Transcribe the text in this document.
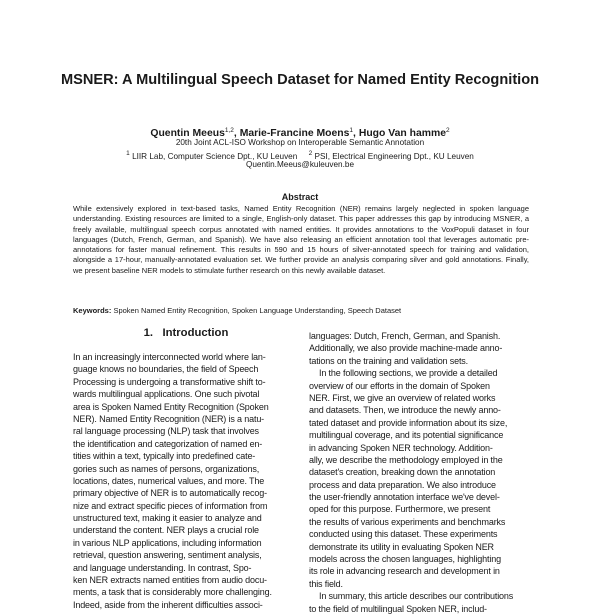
MSNER: A Multilingual Speech Dataset for Named Entity Recognition
Quentin Meeus$^{1,2}$, Marie-Francine Moens$^1$, Hugo Van hamme$^2$
20th Joint ACL-ISO Workshop on Interoperable Semantic Annotation
$^1$ LIIR Lab, Computer Science Dpt., KU Leuven $^2$ PSI, Electrical Engineering Dpt., KU Leuven
Quentin.Meeus@kuleuven.be
Abstract

While extensively explored in text-based tasks, Named Entity Recognition (NER) remains largely neglected in spoken language understanding. Existing resources are limited to a single, English-only dataset. This paper addresses this gap by introducing MSNER, a freely available, multilingual speech corpus annotated with named entities. It provides annotations to the VoxPopuli dataset in four languages (Dutch, French, German, and Spanish). We have also releasing an efficient annotation tool that leverages automatic pre-annotations for faster manual refinement. This results in 590 and 15 hours of silver-annotated speech for training and validation, alongside a 17-hour, manually-annotated evaluation set. We further provide an analysis comparing silver and gold annotations. Finally, we present baseline NER models to stimulate further research on this newly available dataset.

Keywords: Spoken Named Entity Recognition, Spoken Language Understanding, Speech Dataset
1. Introduction
In an increasingly interconnected world where lan-
guage knows no boundaries, the field of Speech
Processing is undergoing a transformative shift to-
wards multilingual applications. One such pivotal
area is Spoken Named Entity Recognition (Spoken
NER). Named Entity Recognition (NER) is a natu-
ral language processing (NLP) task that involves
the identification and categorization of named en-
tities within a text, typically into predefined cate-
gories such as names of persons, organizations,
locations, dates, numerical values, and more. The
primary objective of NER is to automatically recog-
nize and extract specific pieces of information from
unstructured text, making it easier to analyze and
understand the content. NER plays a crucial role
in various NLP applications, including information
retrieval, question answering, sentiment analysis,
and language understanding. In contrast, Spo-
ken NER extracts named entities from audio docu-
ments, a task that is considerably more challenging.
Indeed, aside from the inherent difficulties associ-
languages: Dutch, French, German, and Spanish.
Additionally, we also provide machine-made anno-
tations on the training and validation sets.
In the following sections, we provide a detailed
overview of our efforts in the domain of Spoken
NER. First, we give an overview of related works
and datasets. Then, we introduce the newly anno-
tated dataset and provide information about its size,
multilingual coverage, and its potential significance
in advancing Spoken NER technology. Addition-
ally, we describe the methodology employed in the
dataset's creation, breaking down the annotation
process and data preparation. We also introduce
the user-friendly annotation interface we've devel-
oped for this purpose. Furthermore, we present
the results of various experiments and benchmarks
conducted using this dataset. These experiments
demonstrate its utility in evaluating Spoken NER
models across the chosen languages, highlighting
its role in advancing research and development in
this field.
In summary, this article describes our contributions
to the field of multilingual Spoken NER, includ-
